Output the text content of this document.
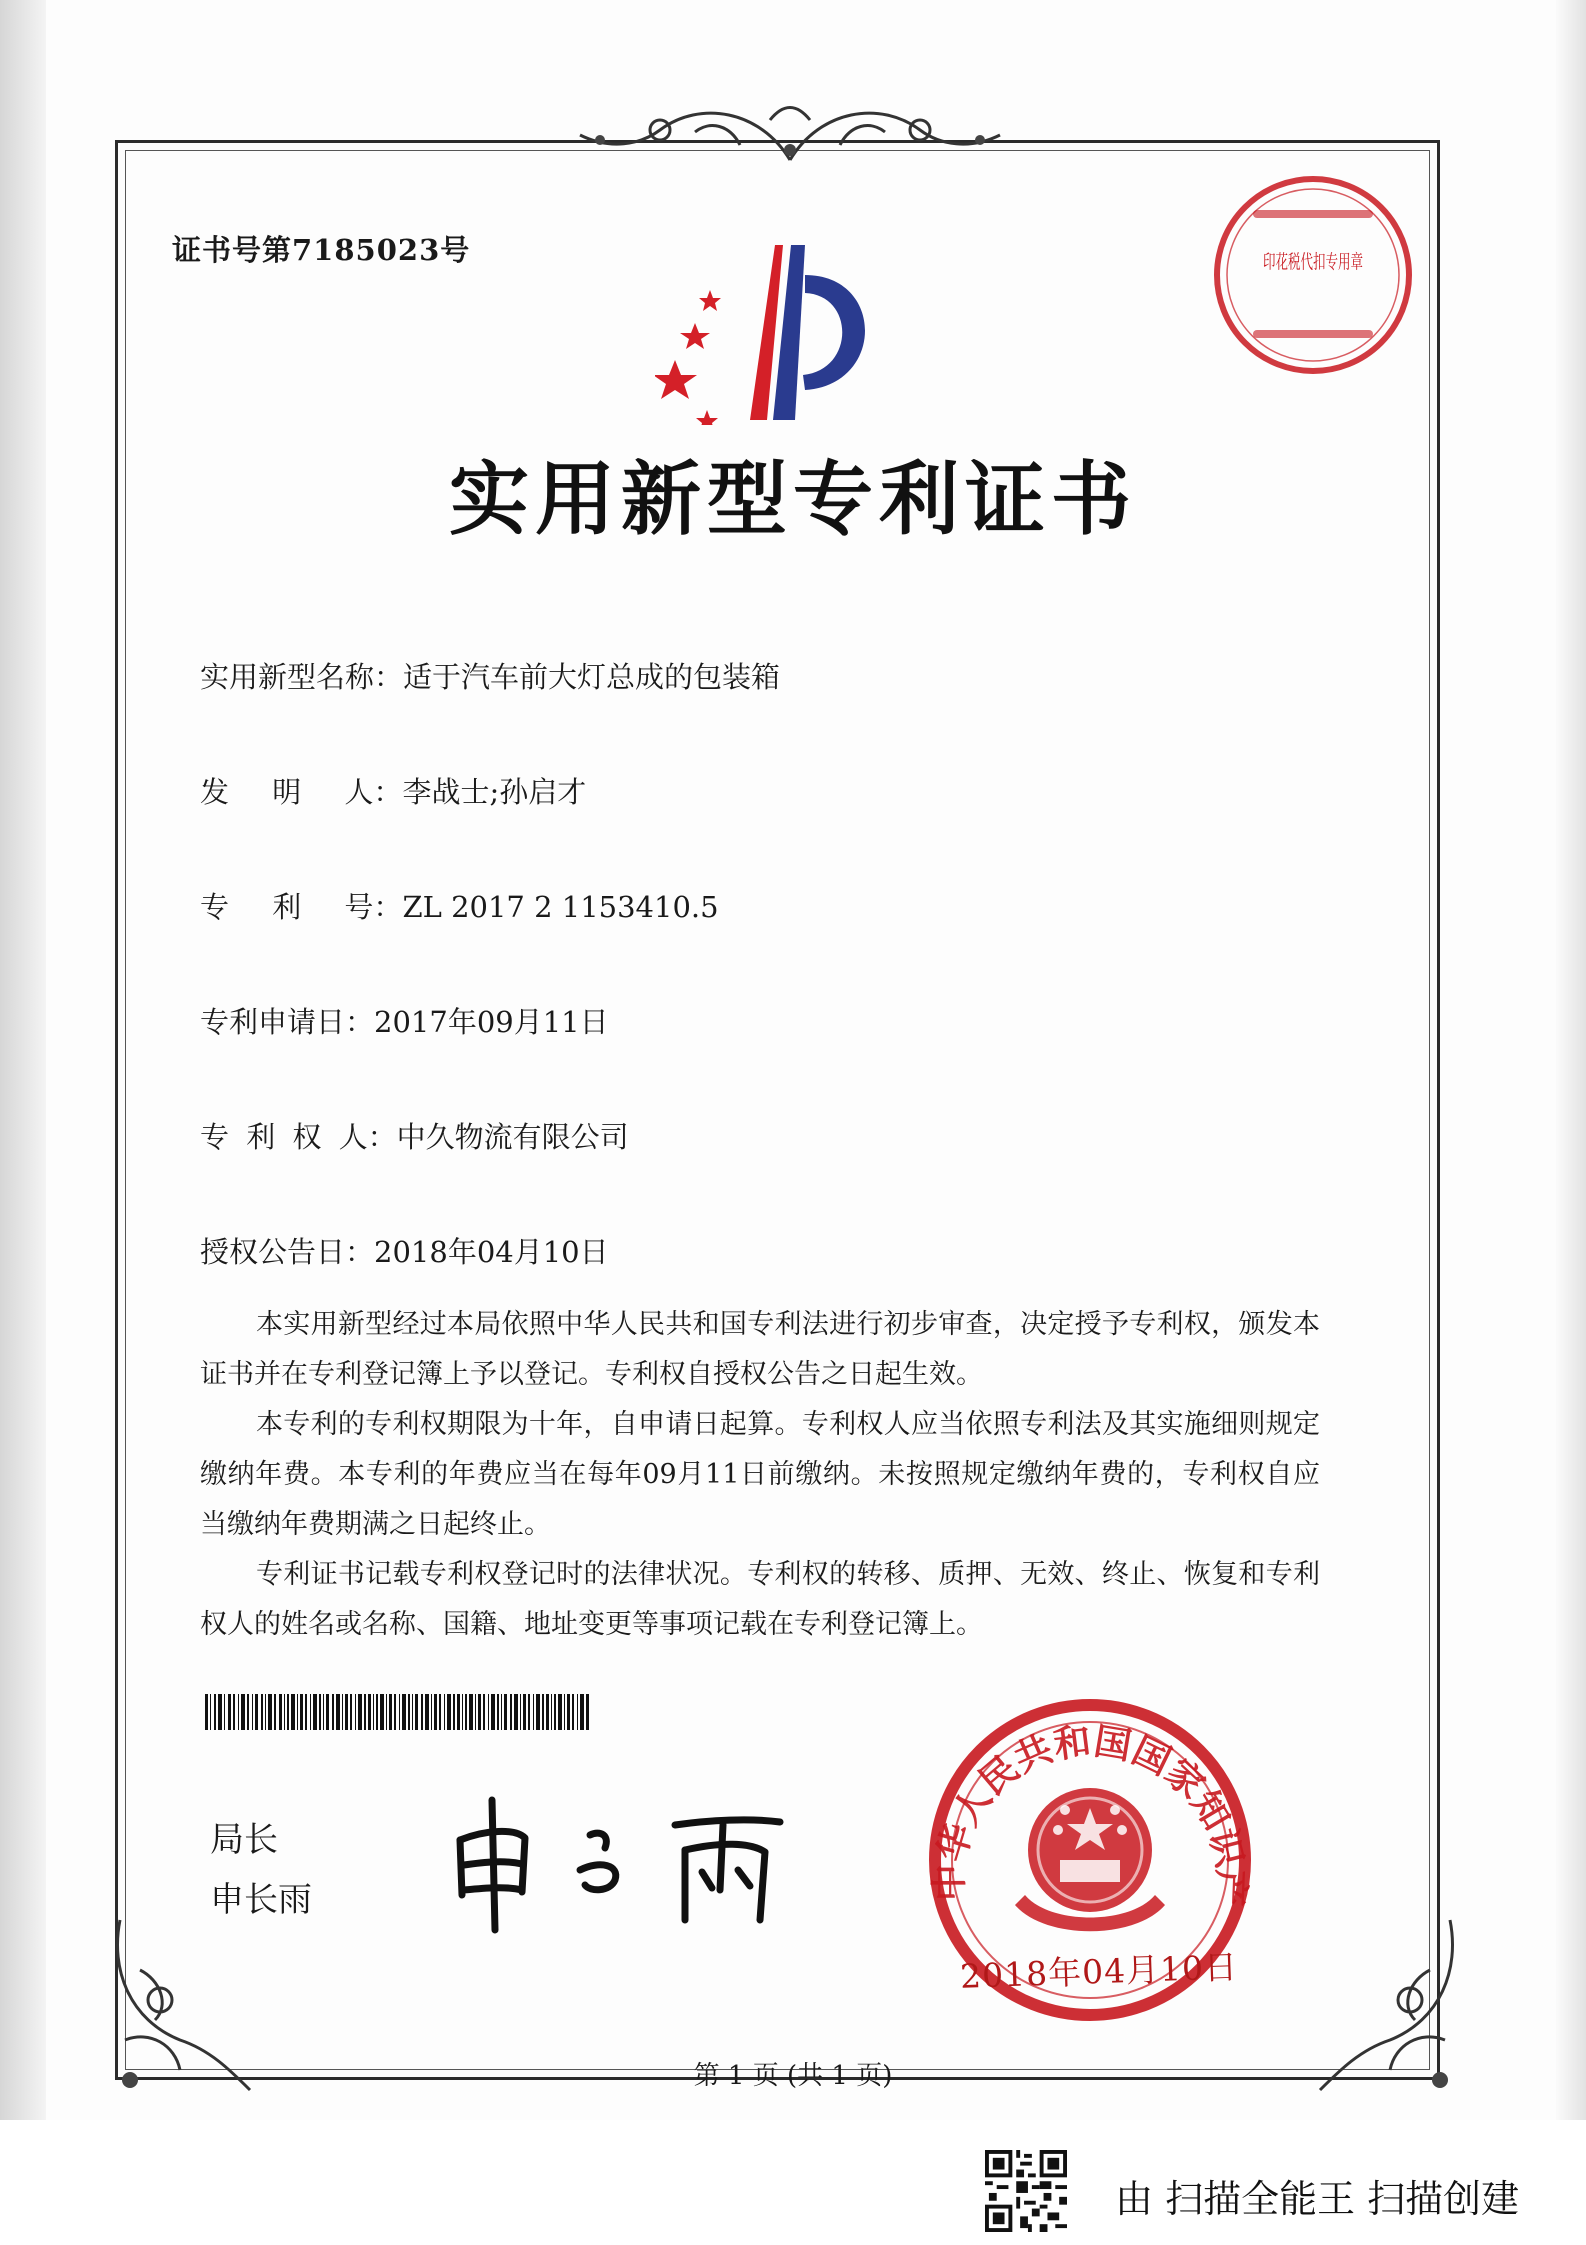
证书号第7185023号
实用新型专利证书
实用新型名称：适于汽车前大灯总成的包装箱
发 明 人：李战士;孙启才
专 利 号：ZL 2017 2 1153410.5
专利申请日：2017年09月11日
专 利 权 人：中久物流有限公司
授权公告日：2018年04月10日

本实用新型经过本局依照中华人民共和国专利法进行初步审查，决定授予专利权，颁发本证书并在专利登记簿上予以登记。专利权自授权公告之日起生效。

本专利的专利权期限为十年，自申请日起算。专利权人应当依照专利法及其实施细则规定缴纳年费。本专利的年费应当在每年09月11日前缴纳。未按照规定缴纳年费的，专利权自应当缴纳年费期满之日起终止。

专利证书记载专利权登记时的法律状况。专利权的转移、质押、无效、终止、恢复和专利权人的姓名或名称、国籍、地址变更等事项记载在专利登记簿上。

局长
申长雨	中华人民共和国国家知识产
2018年04月10日
印花税代扣专用章
第 1 页 (共 1 页)
由 扫描全能王 扫描创建
